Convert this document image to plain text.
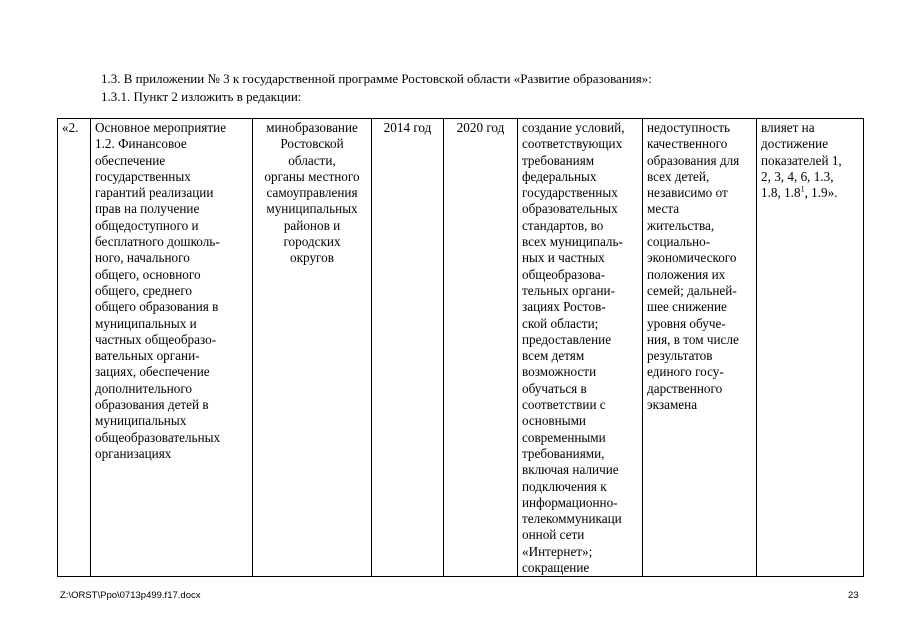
1.3. В приложении № 3 к государственной программе Ростовской области «Развитие образования»:
1.3.1. Пункт 2 изложить в редакции:
«2.	Основное мероприятие
1.2. Финансовое
обеспечение
государственных
гарантий реализации
прав на получение
общедоступного и
бесплатного дошколь-
ного, начального
общего, основного
общего, среднего
общего образования в
муниципальных и
частных общеобразо-
вательных органи-
зациях, обеспечение
дополнительного
образования детей в
муниципальных
общеобразовательных
организациях	минобразование
Ростовской
области,
органы местного
самоуправления
муниципальных
районов и
городских
округов	2014 год	2020 год	создание условий,
соответствующих
требованиям
федеральных
государственных
образовательных
стандартов, во
всех муниципаль-
ных и частных
общеобразова-
тельных органи-
зациях Ростов-
ской области;
предоставление
всем детям
возможности
обучаться в
соответствии с
основными
современными
требованиями,
включая наличие
подключения к
информационно-
телекоммуникаци
онной сети
«Интернет»;
сокращение	недоступность
качественного
образования для
всех детей,
независимо от
места
жительства,
социально-
экономического
положения их
семей; дальней-
шее снижение
уровня обуче-
ния, в том числе
результатов
единого госу-
дарственного
экзамена	влияет на
достижение
показателей 1,
2, 3, 4, 6, 1.3,
1.8, $1.8^1$, 1.9».
Z:\ORST\Ppo\0713p499.f17.docx	23
